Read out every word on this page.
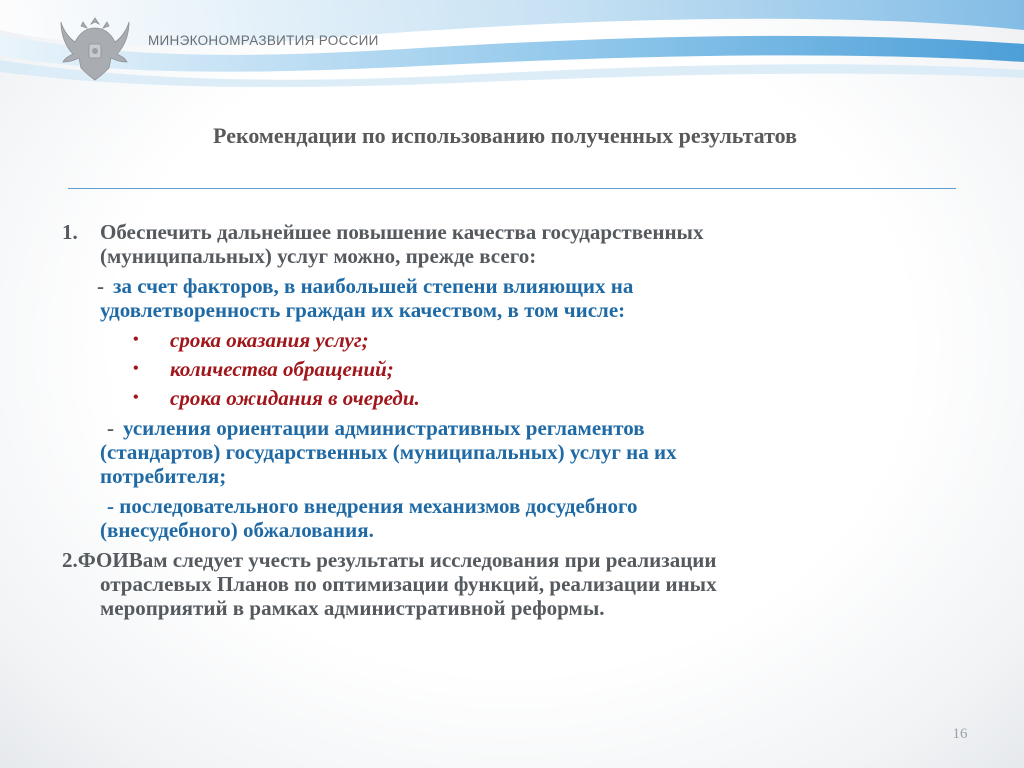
МИНЭКОНОМРАЗВИТИЯ РОССИИ
Рекомендации по использованию полученных результатов
1. Обеспечить дальнейшее повышение качества государственных
(муниципальных) услуг можно, прежде всего:
- за счет факторов, в наибольшей степени влияющих на
удовлетворенность граждан их качеством, в том числе:
• срока оказания услуг;
• количества обращений;
• срока ожидания в очереди.
- усиления ориентации административных регламентов
(стандартов) государственных (муниципальных) услуг на их
потребителя;
- последовательного внедрения механизмов досудебного
(внесудебного) обжалования.
2.ФОИВам следует учесть результаты исследования при реализации
отраслевых Планов по оптимизации функций, реализации иных
мероприятий в рамках административной реформы.
16
